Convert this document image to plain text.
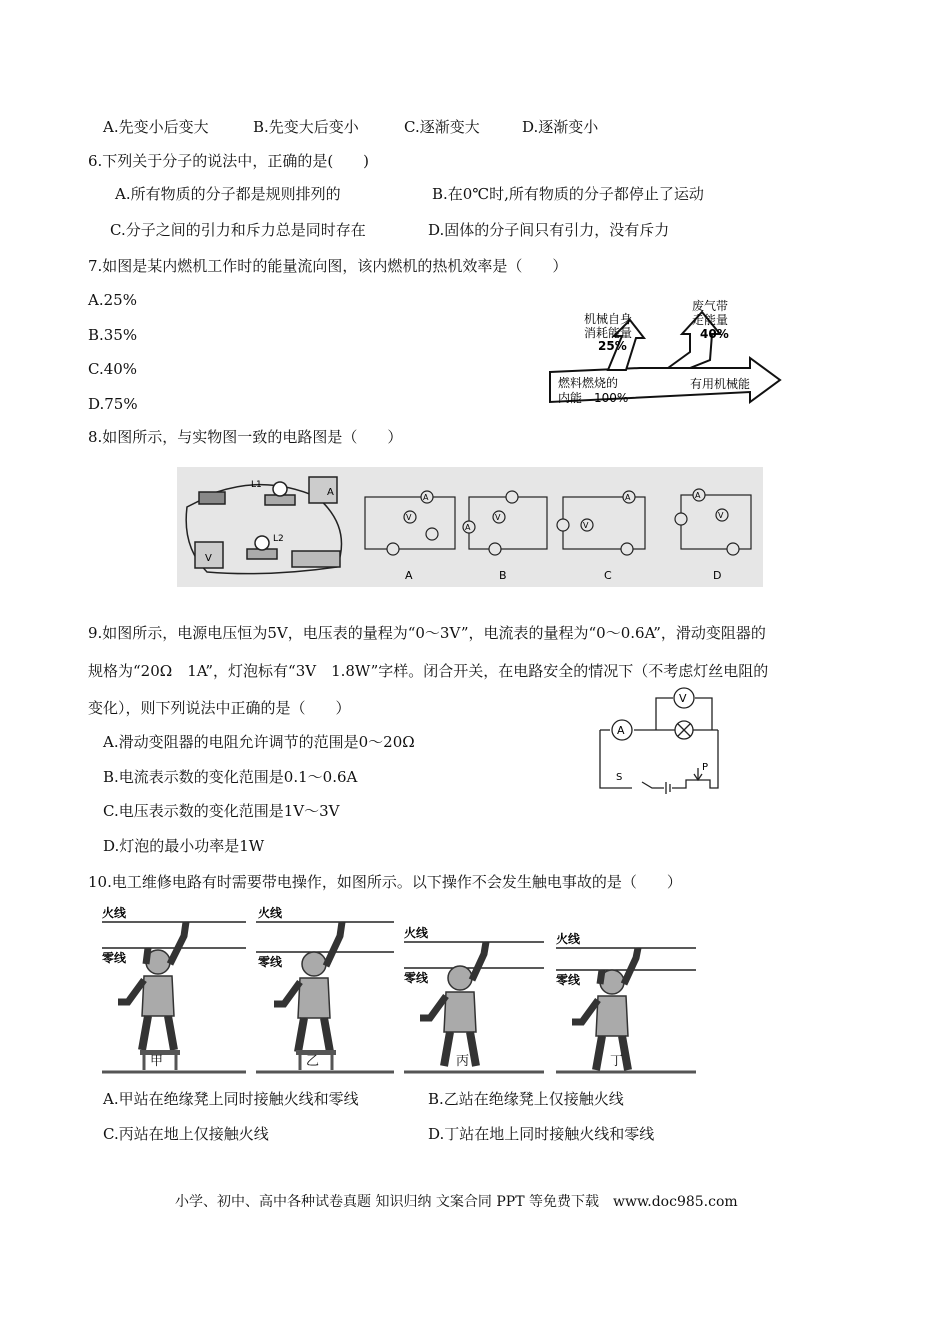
A.先变小后变大	B.先变大后变小	C.逐渐变大	D.逐渐变小
6.下列关于分子的说法中，正确的是(　　)
A.所有物质的分子都是规则排列的	B.在0℃时,所有物质的分子都停止了运动
C.分子之间的引力和斥力总是同时存在	D.固体的分子间只有引力，没有斥力
7.如图是某内燃机工作时的能量流向图，该内燃机的热机效率是（　　）
A.25%
B.35%
C.40%
D.75%
燃料燃烧的
内能　100%
机械自身
消耗能量
25%
废气带
走能量
40%
有用机械能
8.如图所示，与实物图一致的电路图是（　　）
A
V
L1
L2
V
A
A
A
V
B
V
A
C
A
V
D
9.如图所示，电源电压恒为5V，电压表的量程为“0～3V”，电流表的量程为“0～0.6A”，滑动变阻器的
规格为“20Ω　1A”，灯泡标有“3V　1.8W”字样。闭合开关，在电路安全的情况下（不考虑灯丝电阻的
变化），则下列说法中正确的是（　　）
A.滑动变阻器的电阻允许调节的范围是0～20Ω
B.电流表示数的变化范围是0.1～0.6A
C.电压表示数的变化范围是1V～3V
D.灯泡的最小功率是1W
A
V
S
P
10.电工维修电路有时需要带电操作，如图所示。以下操作不会发生触电事故的是（　　）
火线
零线
火线
零线
火线
零线
火线
零线
甲	乙	丙	丁
A.甲站在绝缘凳上同时接触火线和零线	B.乙站在绝缘凳上仅接触火线
C.丙站在地上仅接触火线	D.丁站在地上同时接触火线和零线
小学、初中、高中各种试卷真题 知识归纳 文案合同 PPT 等免费下载　www.doc985.com
